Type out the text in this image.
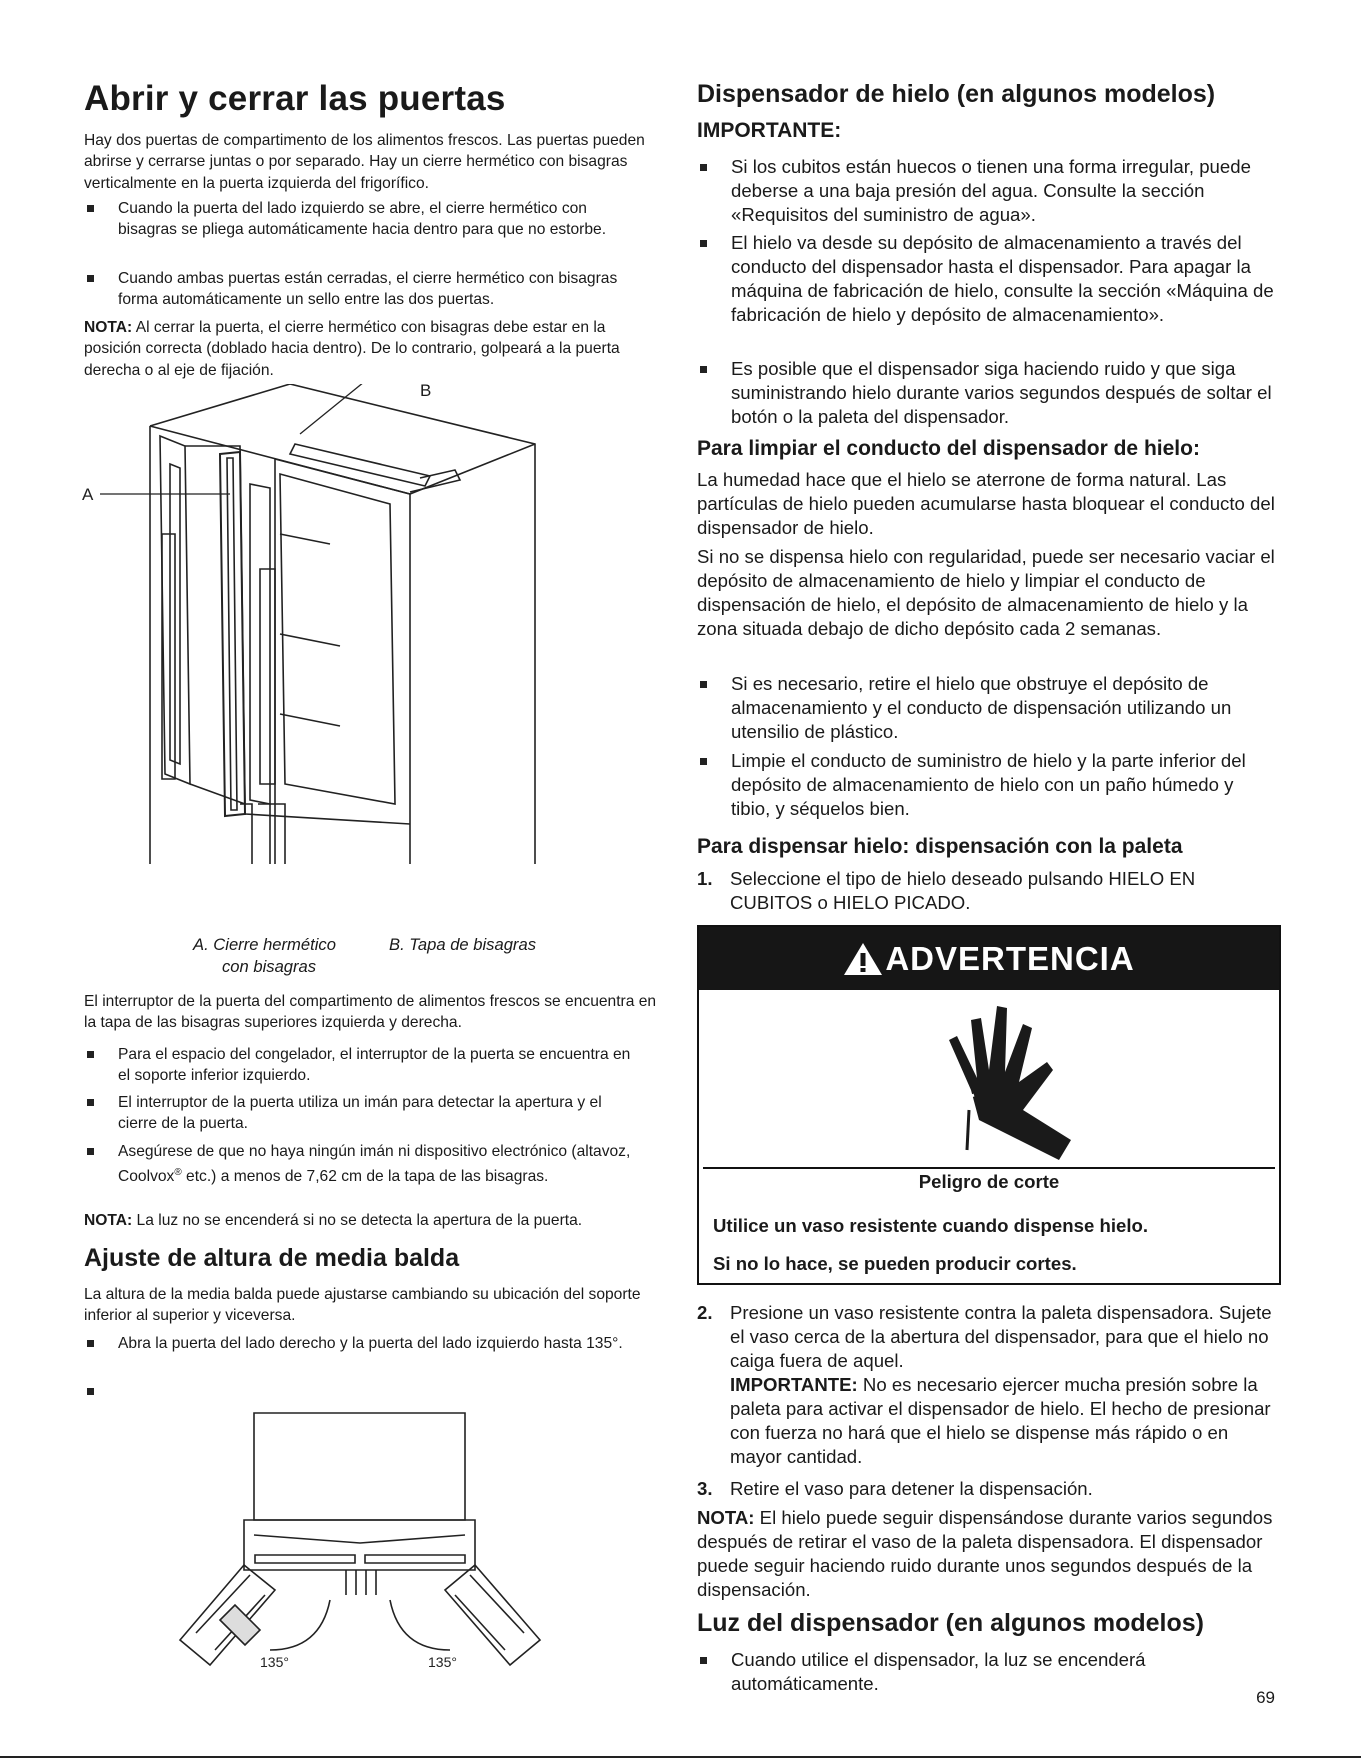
Abrir y cerrar las puertas

Hay dos puertas de compartimento de los alimentos frescos. Las puertas pueden abrirse y cerrarse juntas o por separado. Hay un cierre hermético con bisagras verticalmente en la puerta izquierda del frigorífico.

Cuando la puerta del lado izquierdo se abre, el cierre hermético con bisagras se pliega automáticamente hacia dentro para que no estorbe.
Cuando ambas puertas están cerradas, el cierre hermético con bisagras forma automáticamente un sello entre las dos puertas.

NOTA: Al cerrar la puerta, el cierre hermético con bisagras debe estar en la posición correcta (doblado hacia dentro). De lo contrario, golpeará a la puerta derecha o al eje de fijación.

A
B
A. Cierre hermético
con bisagras
B. Tapa de bisagras

El interruptor de la puerta del compartimento de alimentos frescos se encuentra en la tapa de las bisagras superiores izquierda y derecha.

Para el espacio del congelador, el interruptor de la puerta se encuentra en el soporte inferior izquierdo.
El interruptor de la puerta utiliza un imán para detectar la apertura y el cierre de la puerta.
Asegúrese de que no haya ningún imán ni dispositivo electrónico (altavoz, Coolvox® etc.) a menos de 7,62 cm de la tapa de las bisagras.

NOTA: La luz no se encenderá si no se detecta la apertura de la puerta.

Ajuste de altura de media balda

La altura de la media balda puede ajustarse cambiando su ubicación del soporte inferior al superior y viceversa.

Abra la puerta del lado derecho y la puerta del lado izquierdo hasta 135°.
135°	135°
Dispensador de hielo (en algunos modelos)
IMPORTANTE:
Si los cubitos están huecos o tienen una forma irregular, puede deberse a una baja presión del agua. Consulte la sección «Requisitos del suministro de agua».
El hielo va desde su depósito de almacenamiento a través del conducto del dispensador hasta el dispensador. Para apagar la máquina de fabricación de hielo, consulte la sección «Máquina de fabricación de hielo y depósito de almacenamiento».
Es posible que el dispensador siga haciendo ruido y que siga suministrando hielo durante varios segundos después de soltar el botón o la paleta del dispensador.
Para limpiar el conducto del dispensador de hielo:

La humedad hace que el hielo se aterrone de forma natural. Las partículas de hielo pueden acumularse hasta bloquear el conducto del dispensador de hielo.

Si no se dispensa hielo con regularidad, puede ser necesario vaciar el depósito de almacenamiento de hielo y limpiar el conducto de dispensación de hielo, el depósito de almacenamiento de hielo y la zona situada debajo de dicho depósito cada 2 semanas.

Si es necesario, retire el hielo que obstruye el depósito de almacenamiento y el conducto de dispensación utilizando un utensilio de plástico.
Limpie el conducto de suministro de hielo y la parte inferior del depósito de almacenamiento de hielo con un paño húmedo y tibio, y séquelos bien.
Para dispensar hielo: dispensación con la paleta
1. Seleccione el tipo de hielo deseado pulsando HIELO EN CUBITOS o HIELO PICADO.
ADVERTENCIA
Peligro de corte
Utilice un vaso resistente cuando dispense hielo.
Si no lo hace, se pueden producir cortes.
2. Presione un vaso resistente contra la paleta dispensadora. Sujete el vaso cerca de la abertura del dispensador, para que el hielo no caiga fuera de aquel.
IMPORTANTE: No es necesario ejercer mucha presión sobre la paleta para activar el dispensador de hielo. El hecho de presionar con fuerza no hará que el hielo se dispense más rápido o en mayor cantidad.
3. Retire el vaso para detener la dispensación.

NOTA: El hielo puede seguir dispensándose durante varios segundos después de retirar el vaso de la paleta dispensadora. El dispensador puede seguir haciendo ruido durante unos segundos después de la dispensación.

Luz del dispensador (en algunos modelos)
Cuando utilice el dispensador, la luz se encenderá automáticamente.
69
